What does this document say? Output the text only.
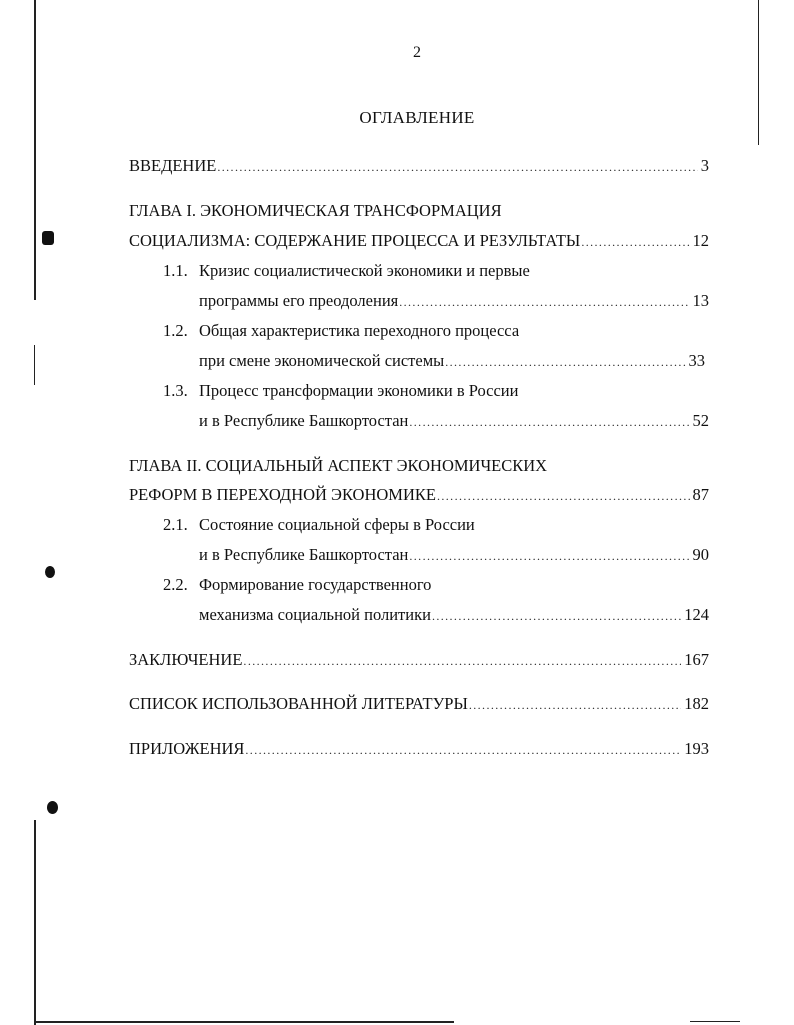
2
ОГЛАВЛЕНИЕ
ВВЕДЕНИЕ .....	3
ГЛАВА I. ЭКОНОМИЧЕСКАЯ ТРАНСФОРМАЦИЯ
СОЦИАЛИЗМА: СОДЕРЖАНИЕ ПРОЦЕССА И РЕЗУЛЬТАТЫ .....	12
1.1. Кризис социалистической экономики и первые
программы его преодоления .....	13
1.2. Общая характеристика переходного процесса
при смене экономической системы .....	33
1.3. Процесс трансформации экономики в России
и в Республике Башкортостан .....	52
ГЛАВА II. СОЦИАЛЬНЫЙ АСПЕКТ ЭКОНОМИЧЕСКИХ
РЕФОРМ В ПЕРЕХОДНОЙ ЭКОНОМИКЕ .....	87
2.1. Состояние социальной сферы в России
и в Республике Башкортостан .....	90
2.2. Формирование государственного
механизма социальной политики .....	124
ЗАКЛЮЧЕНИЕ .....	167
СПИСОК ИСПОЛЬЗОВАННОЙ ЛИТЕРАТУРЫ .....	182
ПРИЛОЖЕНИЯ .....	193
